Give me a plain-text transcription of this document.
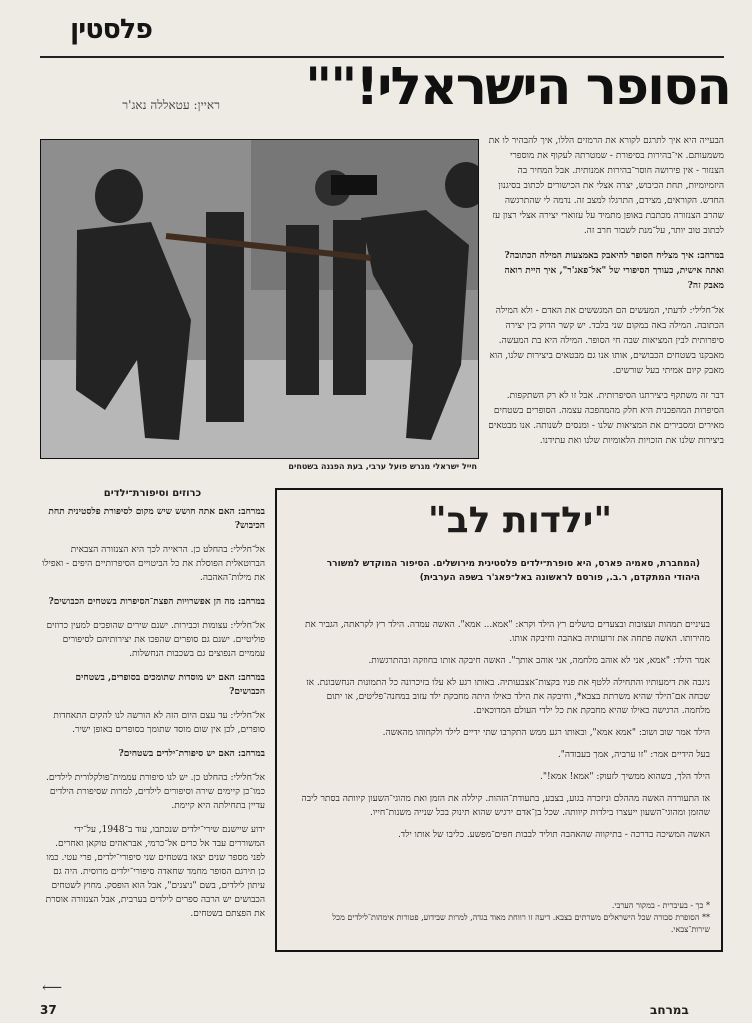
פלסטין
הסופר הישראלי!""
ראיין: עטאללה נאג'ר
חייל ישראלי מגרש פועל ערבי, בעת הפגנה בשטחים

הבעייה היא איך לתרגם לקורא את הרמזים הללו, איך להבהיר לו את משמעותם. אי־בהירות בסיפורת - שמטרתה לעקוף את מוספרי הצנזור - אין פירושה חוסר־בהירות אמנותית. אבל המחיר בה היזמיומיות, תחת הכיבוש, יצרה אצלי את הכישורים לכתוב בסיגנון החדש. הקוראים, מצידם, התרגלו למצב זה. נדמה לי שהתרגשה שהרב הצנזורה מכתבת באופן מתמיד על עזוארי יצירה אצלי רצון עז לכתוב טוב יותר, על־מנת לשבור חרב זה.

במרחב: איך מצליח הסופר להיאבק באמצעות המילה הכתובה? ואתה אישית, כעורך הסיפורי של "אל־פאג'ר", איך היית רואה מאבק זה?

אל־חלילי: לדעתי, המעשים הם המגששים את האדם - ולא המילה הכתובה. המילה באה במקום שני בלבד. יש קשר הדוק בין יצירה סיפרותית לבין המציאות שבה חי הסופר. המילה היא בת המעשה. מאבקנו בשטחים הכבושים, אותו אנו גם מבטאים ביצירות שלנו, הוא מאבק קיום אמיתי בעל שורשים.

דבר זה משתקף ביצירתנו הסיפרותית. אבל זו לא רק השתקפות. הסיפרות המהפכנית היא חלק מהמהפכה עצמה. הסופרים בשטחים מאירים ומסבירים את המציאות שלנו - ומנסים לשנותה. אנו מבטאים ביצירות שלנו את הזכויות הלאומיות שלנו ואת עתידנו.

כרוזים וסיפורת־ילדים

במרחב: האם אתה חושש שיש מקום לסיפורת פלסטינית תחת הכיבוש?

אל־חלילי: בהחלט כן. הראייה לכך היא הצנזורה הצבאית הברוטאלית הפוסלת את כל הביטויים הסיפרותיים היפים - ואפילו את מילות־האהבה.

במרחב: מה הן אפשרויות הפצת־הסיפרות בשטחים הכבושים?

אל־חלילי: עצומות וכבירות. ישנם שירים שהופכים למעין כרוזים פוליטיים. ישנם גם סופרים שהפכו את יצירותיהם לסיפורים עממיים הנפוצים גם בשכבות הנחשלות.

במרחב: האם יש מוסדות שתומכים בסופרים, בשטחים הכבושים?

אל־חלילי: עד עצם היום הזה לא הורשה לנו להקים התאחדות סופרים, לכן אין שום מוסד שתומך בסופרים באופן ישיר.

במרחב: האם יש סיפורת־ילדים בשטחים?

אל־חלילי: בהחלט כן. יש לנו סיפורת עממית־פולקלורית לילדים. כמו־כן קיימים שירה וסיפורים לילדים, למרות שסיפורת הילדים עדיין בתחילתה היא קיימת.

ידוע שיישנם שירי־ילדים שנכתבו, עוד ב־1948, על־ידי המשוררים עבד אל כרים אל־כרמי, אבראהים טוקאן ואחרים. לפני מספר שנים יצאו בשטחים שני סיפורי־ילדים, פרי עטי. כמו כן תירגם הסופר מחמד שחאדה סיפורי־ילדים מרוסית. היה גם עיתון לילדים, בשם "ניצנים", אבל הוא הופסק. מחוץ לשטחים הכבושים יש הרבה ספרים לילדים בערבית, אבל הצנזורה אוסרת את הפצתם בשטחים.

⟵
"ילדות לב"
(המחברת, סאמיה פארס, היא סופרת־ילדים פלסטינית מירושלים. הסיפור המוקדש למשורר היהודי המתקדם, ר.ב., פורסם לראשונה באל־פאג'ר בשפה הערבית)

בעיניים תמהות ועצובות ובצעדים כושלים רץ הילד וקרא: "אמא... אמא". האשה עמדה. הילד רץ לקראתה, הגביר את מהירותו. האשה פתחה את זרועותיה באהבה וחיבקה אותו.

אמר הילד: "אמא, אני לא אוהב מלחמה, אני אוהב אותך". האשה חיבקה אותו בחוזקה ובהתרגשות.

ניגבה את דימעותיו והתחילה ללטף את פניו בקצות־אצבעותיה. באותו רגע לא עלו בזיכרונה כל התמונות הנחשבונת. אז שכחה אם־הילד שהיא משרתת בצבא*, וחיבקה את הילד כאילו היתה מחבקת ילד עזוב במחנה־פליטים, או יתום מלחמה. הרגישה כאילו שהיא מחבקת את כל ילדי העולם המדוכאים.

הילד אמר שוב ושוב: "אמא אמא", ובאותו רגע ממש התקרבו שתי ידיים לילד ולקחוהו מהאשה.

בעל הידיים אמר: "זו ערביה, אמך בעבודה".

הילד הלך, כשהוא ממשיך לזעוק: "אמא! אמא!".

אז התעוררה האשה מההלם וניזכרה בגוע, בצבע, בתעודת־הזהות. קיללה את הזמן ואת מהוגי־השעון קיוותה בסתר ליבה שהזמן ומהוגי־השעון ייעצרו בילדות קיוותה. שכל בן־אדם ירגיש שהוא תינוק בכל שנייה משנות־חייו.

האשה המשיכה בדרכה - בתיקווה שהאהבה תוליד לבבות חפים־מפשע. כליבו של אותו ילד.

* כך - בעיברית - במקור הערבי.
** הסופרת סבורה שכל הישראלים משרתים בצבא. דיעה זו רווחת מאוד בגדה, למרות שבידוע, פטורות אימהות־לילדים מכל שירות־צבאי.
37	במרחב
